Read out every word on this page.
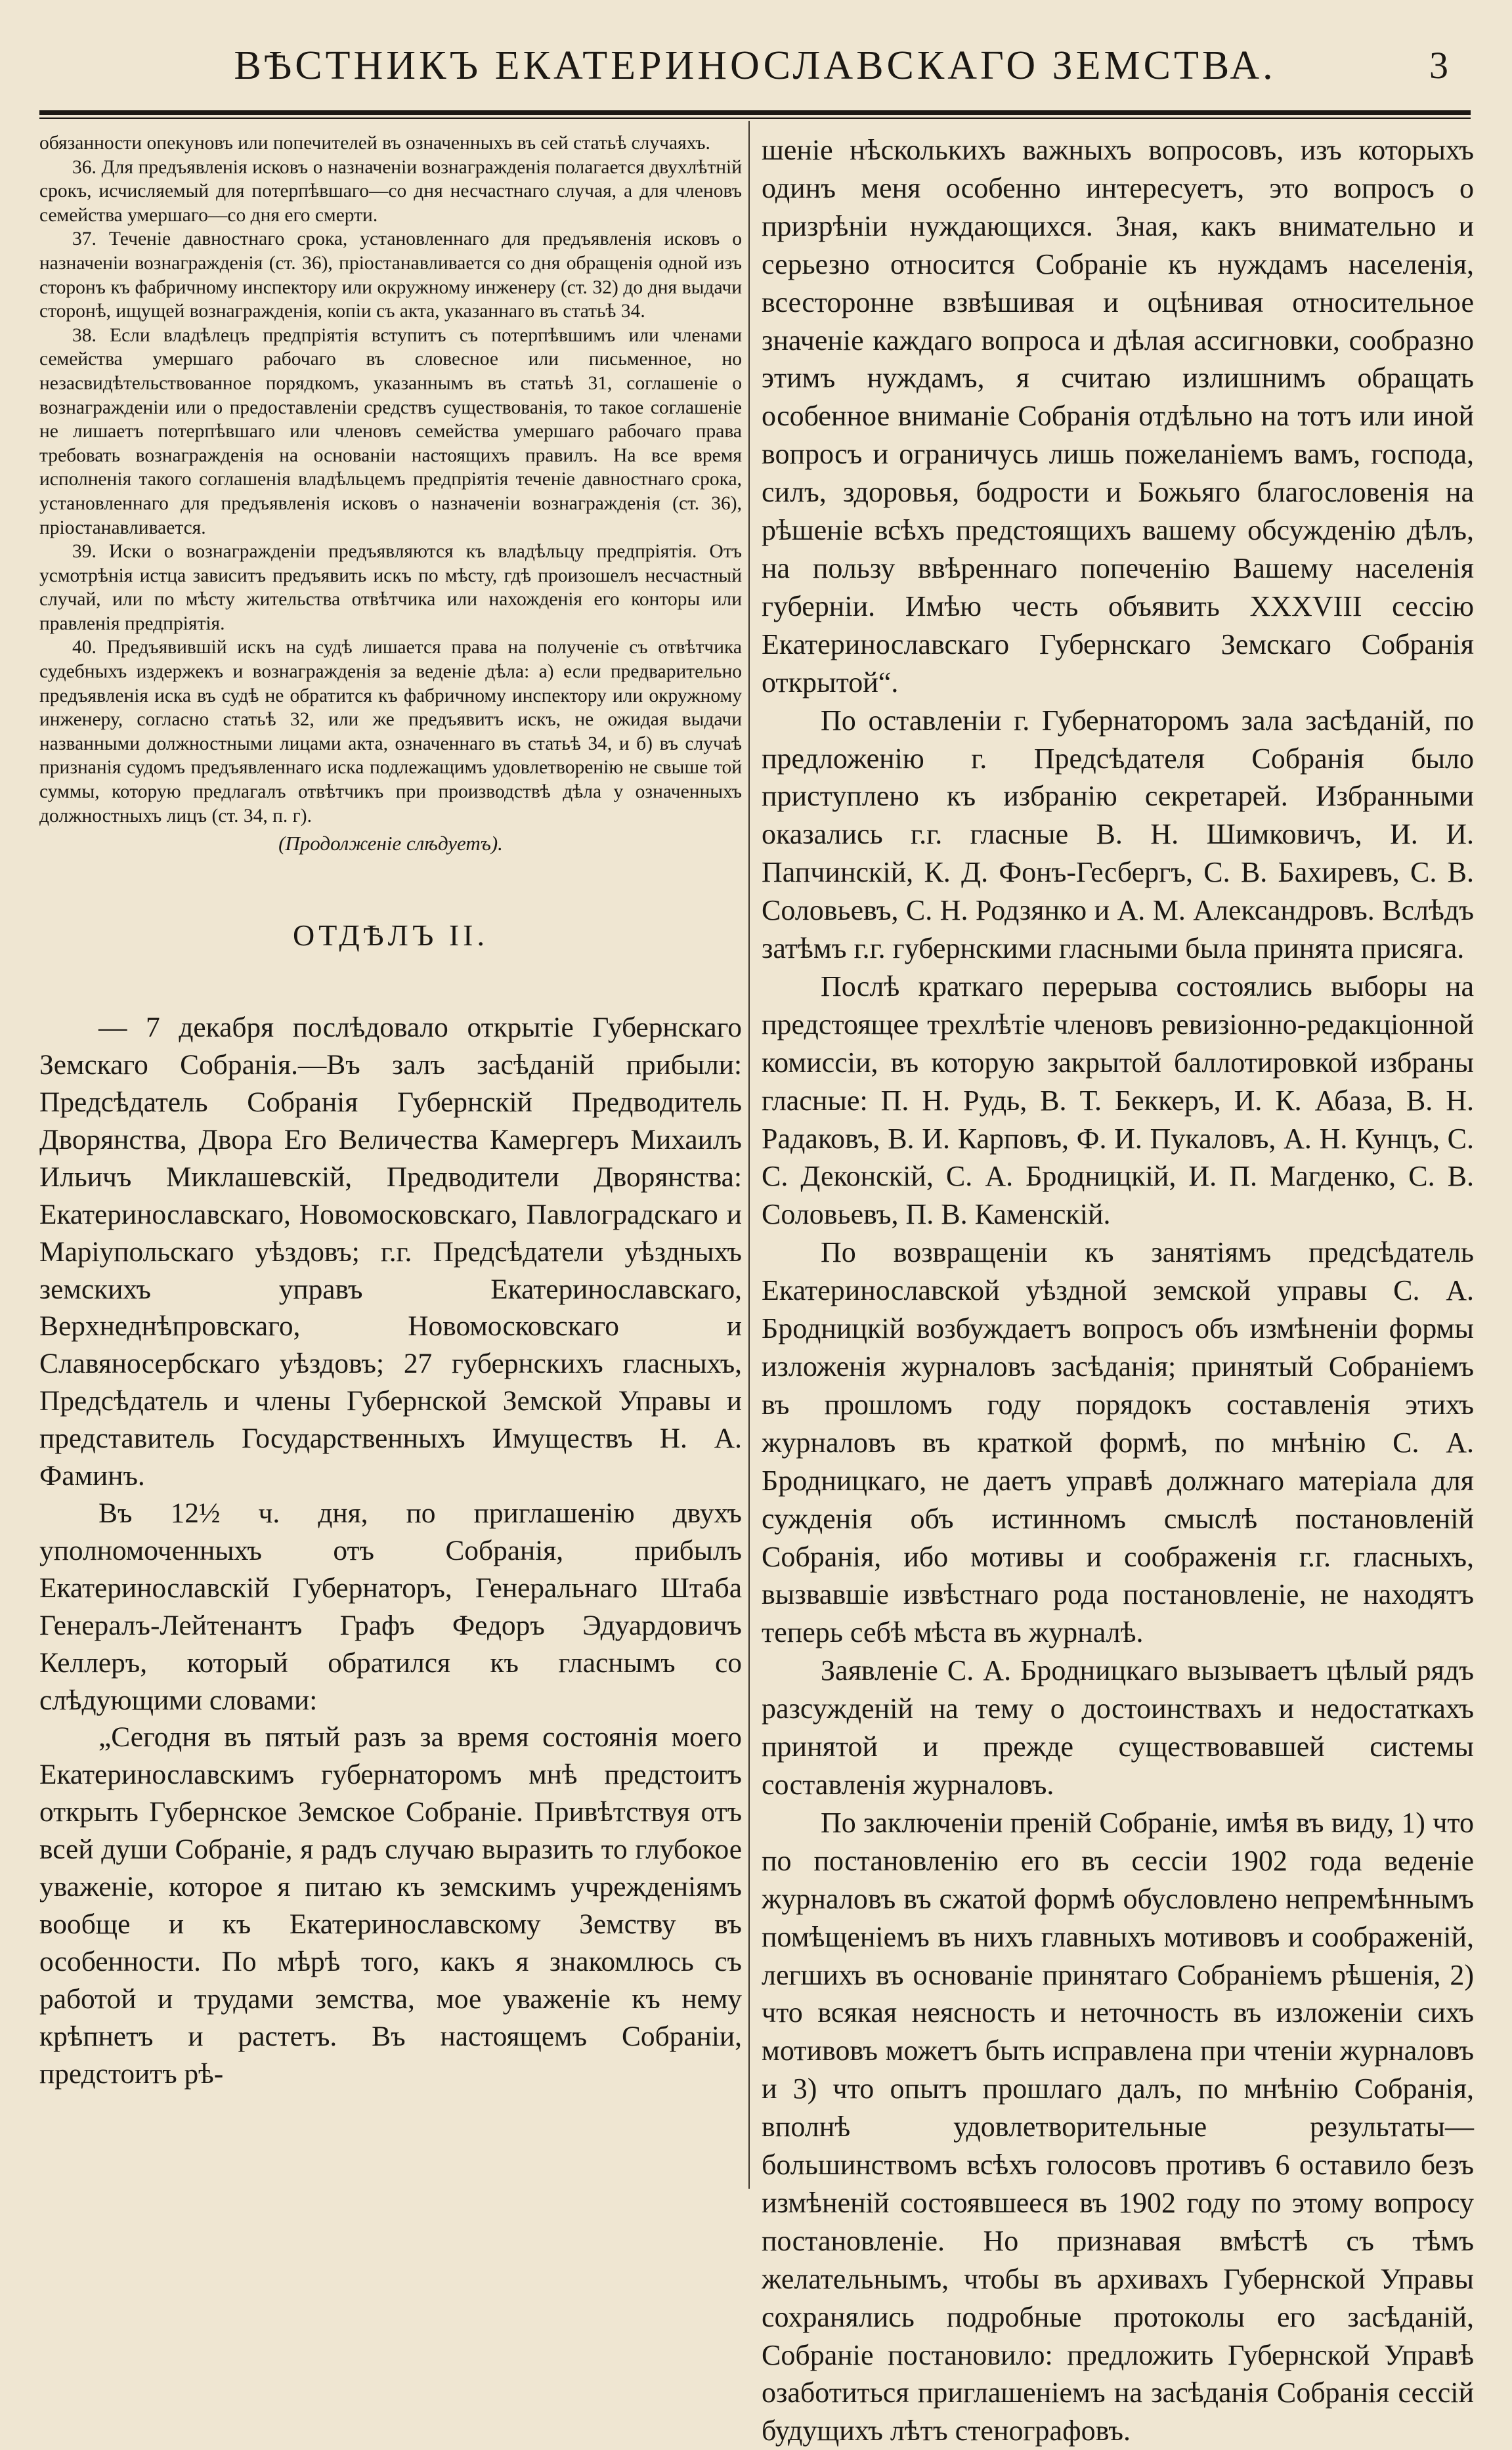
ВѢСТНИКЪ ЕКАТЕРИНОСЛАВСКАГО ЗЕМСТВА.	3

обязанности опекуновъ или попечителей въ означенныхъ въ сей статьѣ случаяхъ.

36. Для предъявленія исковъ о назначеніи вознагражденія полагается двухлѣтній срокъ, исчисляемый для потерпѣвшаго—со дня несчастнаго случая, а для членовъ семейства умершаго—со дня его смерти.

37. Теченіе давностнаго срока, установленнаго для предъявленія исковъ о назначеніи вознагражденія (ст. 36), пріостанавливается со дня обращенія одной изъ сторонъ къ фабричному инспектору или окружному инженеру (ст. 32) до дня выдачи сторонѣ, ищущей вознагражденія, копіи съ акта, указаннаго въ статьѣ 34.

38. Если владѣлецъ предпріятія вступитъ съ потерпѣвшимъ или членами семейства умершаго рабочаго въ словесное или письменное, но незасвидѣтельствованное порядкомъ, указаннымъ въ статьѣ 31, соглашеніе о вознагражденіи или о предоставленіи средствъ существованія, то такое соглашеніе не лишаетъ потерпѣвшаго или членовъ семейства умершаго рабочаго права требовать вознагражденія на основаніи настоящихъ правилъ. На все время исполненія такого соглашенія владѣльцемъ предпріятія теченіе давностнаго срока, установленнаго для предъявленія исковъ о назначеніи вознагражденія (ст. 36), пріостанавливается.

39. Иски о вознагражденіи предъявляются къ владѣльцу предпріятія. Отъ усмотрѣнія истца зависитъ предъявить искъ по мѣсту, гдѣ произошелъ несчастный случай, или по мѣсту жительства отвѣтчика или нахожденія его конторы или правленія предпріятія.

40. Предъявившій искъ на судѣ лишается права на полученіе съ отвѣтчика судебныхъ издержекъ и вознагражденія за веденіе дѣла: а) если предварительно предъявленія иска въ судѣ не обратится къ фабричному инспектору или окружному инженеру, согласно статьѣ 32, или же предъявитъ искъ, не ожидая выдачи названными должностными лицами акта, означеннаго въ статьѣ 34, и б) въ случаѣ признанія судомъ предъявленнаго иска подлежащимъ удовлетворенію не свыше той суммы, которую предлагалъ отвѣтчикъ при производствѣ дѣла у означенныхъ должностныхъ лицъ (ст. 34, п. г).

(Продолженіе слѣдуетъ).
ОТДѢЛЪ II.

— 7 декабря послѣдовало открытіе Губернскаго Земскаго Собранія.—Въ залъ засѣданій прибыли: Предсѣдатель Собранія Губернскій Предводитель Дворянства, Двора Его Величества Камергеръ Михаилъ Ильичъ Миклашевскій, Предводители Дворянства: Екатеринославскаго, Новомосковскаго, Павлоградскаго и Маріупольскаго уѣздовъ; г.г. Предсѣдатели уѣздныхъ земскихъ управъ Екатеринославскаго, Верхнеднѣпровскаго, Новомосковскаго и Славяносербскаго уѣздовъ; 27 губернскихъ гласныхъ, Предсѣдатель и члены Губернской Земской Управы и представитель Государственныхъ Имуществъ Н. А. Фаминъ.

Въ 12½ ч. дня, по приглашенію двухъ уполномоченныхъ отъ Собранія, прибылъ Екатеринославскій Губернаторъ, Генеральнаго Штаба Генералъ-Лейтенантъ Графъ Федоръ Эдуардовичъ Келлеръ, который обратился къ гласнымъ со слѣдующими словами:

„Сегодня въ пятый разъ за время состоянія моего Екатеринославскимъ губернаторомъ мнѣ предстоитъ открыть Губернское Земское Собраніе. Привѣтствуя отъ всей души Собраніе, я радъ случаю выразить то глубокое уваженіе, которое я питаю къ земскимъ учрежденіямъ вообще и къ Екатеринославскому Земству въ особенности. По мѣрѣ того, какъ я знакомлюсь съ работой и трудами земства, мое уваженіе къ нему крѣпнетъ и растетъ. Въ настоящемъ Собраніи, предстоитъ рѣ-

шеніе нѣсколькихъ важныхъ вопросовъ, изъ которыхъ одинъ меня особенно интересуетъ, это вопросъ о призрѣніи нуждающихся. Зная, какъ внимательно и серьезно относится Собраніе къ нуждамъ населенія, всесторонне взвѣшивая и оцѣнивая относительное значеніе каждаго вопроса и дѣлая ассигновки, сообразно этимъ нуждамъ, я считаю излишнимъ обращать особенное вниманіе Собранія отдѣльно на тотъ или иной вопросъ и ограничусь лишь пожеланіемъ вамъ, господа, силъ, здоровья, бодрости и Божьяго благословенія на рѣшеніе всѣхъ предстоящихъ вашему обсужденію дѣлъ, на пользу ввѣреннаго попеченію Вашему населенія губерніи. Имѣю честь объявить XXXVIII сессію Екатеринославскаго Губернскаго Земскаго Собранія открытой“.

По оставленіи г. Губернаторомъ зала засѣданій, по предложенію г. Предсѣдателя Собранія было приступлено къ избранію секретарей. Избранными оказались г.г. гласные В. Н. Шимковичъ, И. И. Папчинскій, К. Д. Фонъ-Гесбергъ, С. В. Бахиревъ, С. В. Соловьевъ, С. Н. Родзянко и А. М. Александровъ. Вслѣдъ затѣмъ г.г. губернскими гласными была принята присяга.

Послѣ краткаго перерыва состоялись выборы на предстоящее трехлѣтіе членовъ ревизіонно-редакціонной комиссіи, въ которую закрытой баллотировкой избраны гласные: П. Н. Рудь, В. Т. Беккеръ, И. К. Абаза, В. Н. Радаковъ, В. И. Карповъ, Ф. И. Пукаловъ, А. Н. Кунцъ, С. С. Деконскій, С. А. Бродницкій, И. П. Магденко, С. В. Соловьевъ, П. В. Каменскій.

По возвращеніи къ занятіямъ предсѣдатель Екатеринославской уѣздной земской управы С. А. Бродницкій возбуждаетъ вопросъ объ измѣненіи формы изложенія журналовъ засѣданія; принятый Собраніемъ въ прошломъ году порядокъ составленія этихъ журналовъ въ краткой формѣ, по мнѣнію С. А. Бродницкаго, не даетъ управѣ должнаго матеріала для сужденія объ истинномъ смыслѣ постановленій Собранія, ибо мотивы и соображенія г.г. гласныхъ, вызвавшіе извѣстнаго рода постановленіе, не находятъ теперь себѣ мѣста въ журналѣ.

Заявленіе С. А. Бродницкаго вызываетъ цѣлый рядъ разсужденій на тему о достоинствахъ и недостаткахъ принятой и прежде существовавшей системы составленія журналовъ.

По заключеніи преній Собраніе, имѣя въ виду, 1) что по постановленію его въ сессіи 1902 года веденіе журналовъ въ сжатой формѣ обусловлено непремѣннымъ помѣщеніемъ въ нихъ главныхъ мотивовъ и соображеній, легшихъ въ основаніе принятаго Собраніемъ рѣшенія, 2) что всякая неясность и неточность въ изложеніи сихъ мотивовъ можетъ быть исправлена при чтеніи журналовъ и 3) что опытъ прошлаго далъ, по мнѣнію Собранія, вполнѣ удовлетворительные результаты—большинствомъ всѣхъ голосовъ противъ 6 оставило безъ измѣненій состоявшееся въ 1902 году по этому вопросу постановленіе. Но признавая вмѣстѣ съ тѣмъ желательнымъ, чтобы въ архивахъ Губернской Управы сохранялись подробные протоколы его засѣданій, Собраніе постановило: предложить Губернской Управѣ озаботиться приглашеніемъ на засѣданія Собранія сессій будущихъ лѣтъ стенографовъ.
